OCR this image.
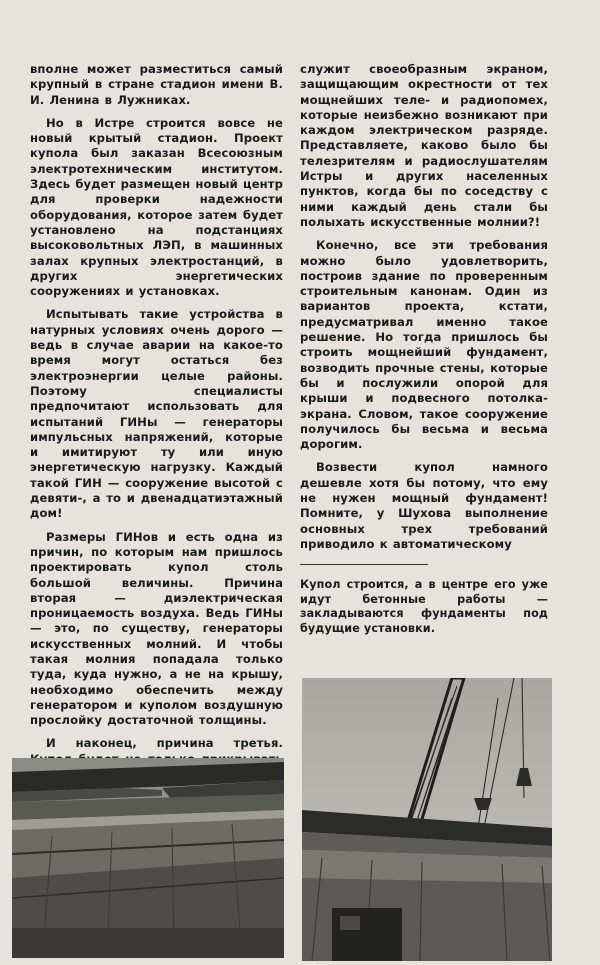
вполне может разместиться самый крупный в стране стадион имени В. И. Ленина в Лужниках.

Но в Истре строится вовсе не новый крытый стадион. Проект купола был заказан Всесоюзным электротехническим институтом. Здесь будет размещен новый центр для проверки надежности оборудования, которое затем будет установлено на подстанциях высоковольтных ЛЭП, в машинных залах крупных электростанций, в других энергетических сооружениях и установках.

Испытывать такие устройства в натурных условиях очень дорого — ведь в случае аварии на какое-то время могут остаться без электроэнергии целые районы. Поэтому специалисты предпочитают использовать для испытаний ГИНы — генераторы импульсных напряжений, которые и имитируют ту или иную энергетическую нагрузку. Каждый такой ГИН — сооружение высотой с девяти-, а то и двенадцатиэтажный дом!

Размеры ГИНов и есть одна из причин, по которым нам пришлось проектировать купол столь большой величины. Причина вторая — диэлектрическая проницаемость воздуха. Ведь ГИНы — это, по существу, генераторы искусственных молний. И чтобы такая молния попадала только туда, куда нужно, а не на крышу, необходимо обеспечить между генератором и куполом воздушную прослойку достаточной толщины.

И наконец, причина третья.

служит своеобразным экраном, защищающим окрестности от тех мощнейших теле- и радиопомех, которые неизбежно возникают при каждом электрическом разряде. Представляете, каково было бы телезрителям и радиослушателям Истры и других населенных пунктов, когда бы по соседству с ними каждый день стали бы полыхать искусственные молнии?!

Конечно, все эти требования можно было удовлетворить, построив здание по проверенным строительным канонам. Один из вариантов проекта, кстати, предусматривал именно такое решение. Но тогда пришлось бы строить мощнейший фундамент, возводить прочные стены, которые бы и послужили опорой для крыши и подвесного потолка-экрана. Словом, такое сооружение получилось бы весьма и весьма дорогим.

Возвести купол намного дешевле хотя бы потому, что ему не нужен мощный фундамент! Помните, у Шухова выполнение основных трех требований приводило к автоматическому

Купол строится, а в центре его уже идут бетонные работы — закладываются фундаменты под будущие установки.
